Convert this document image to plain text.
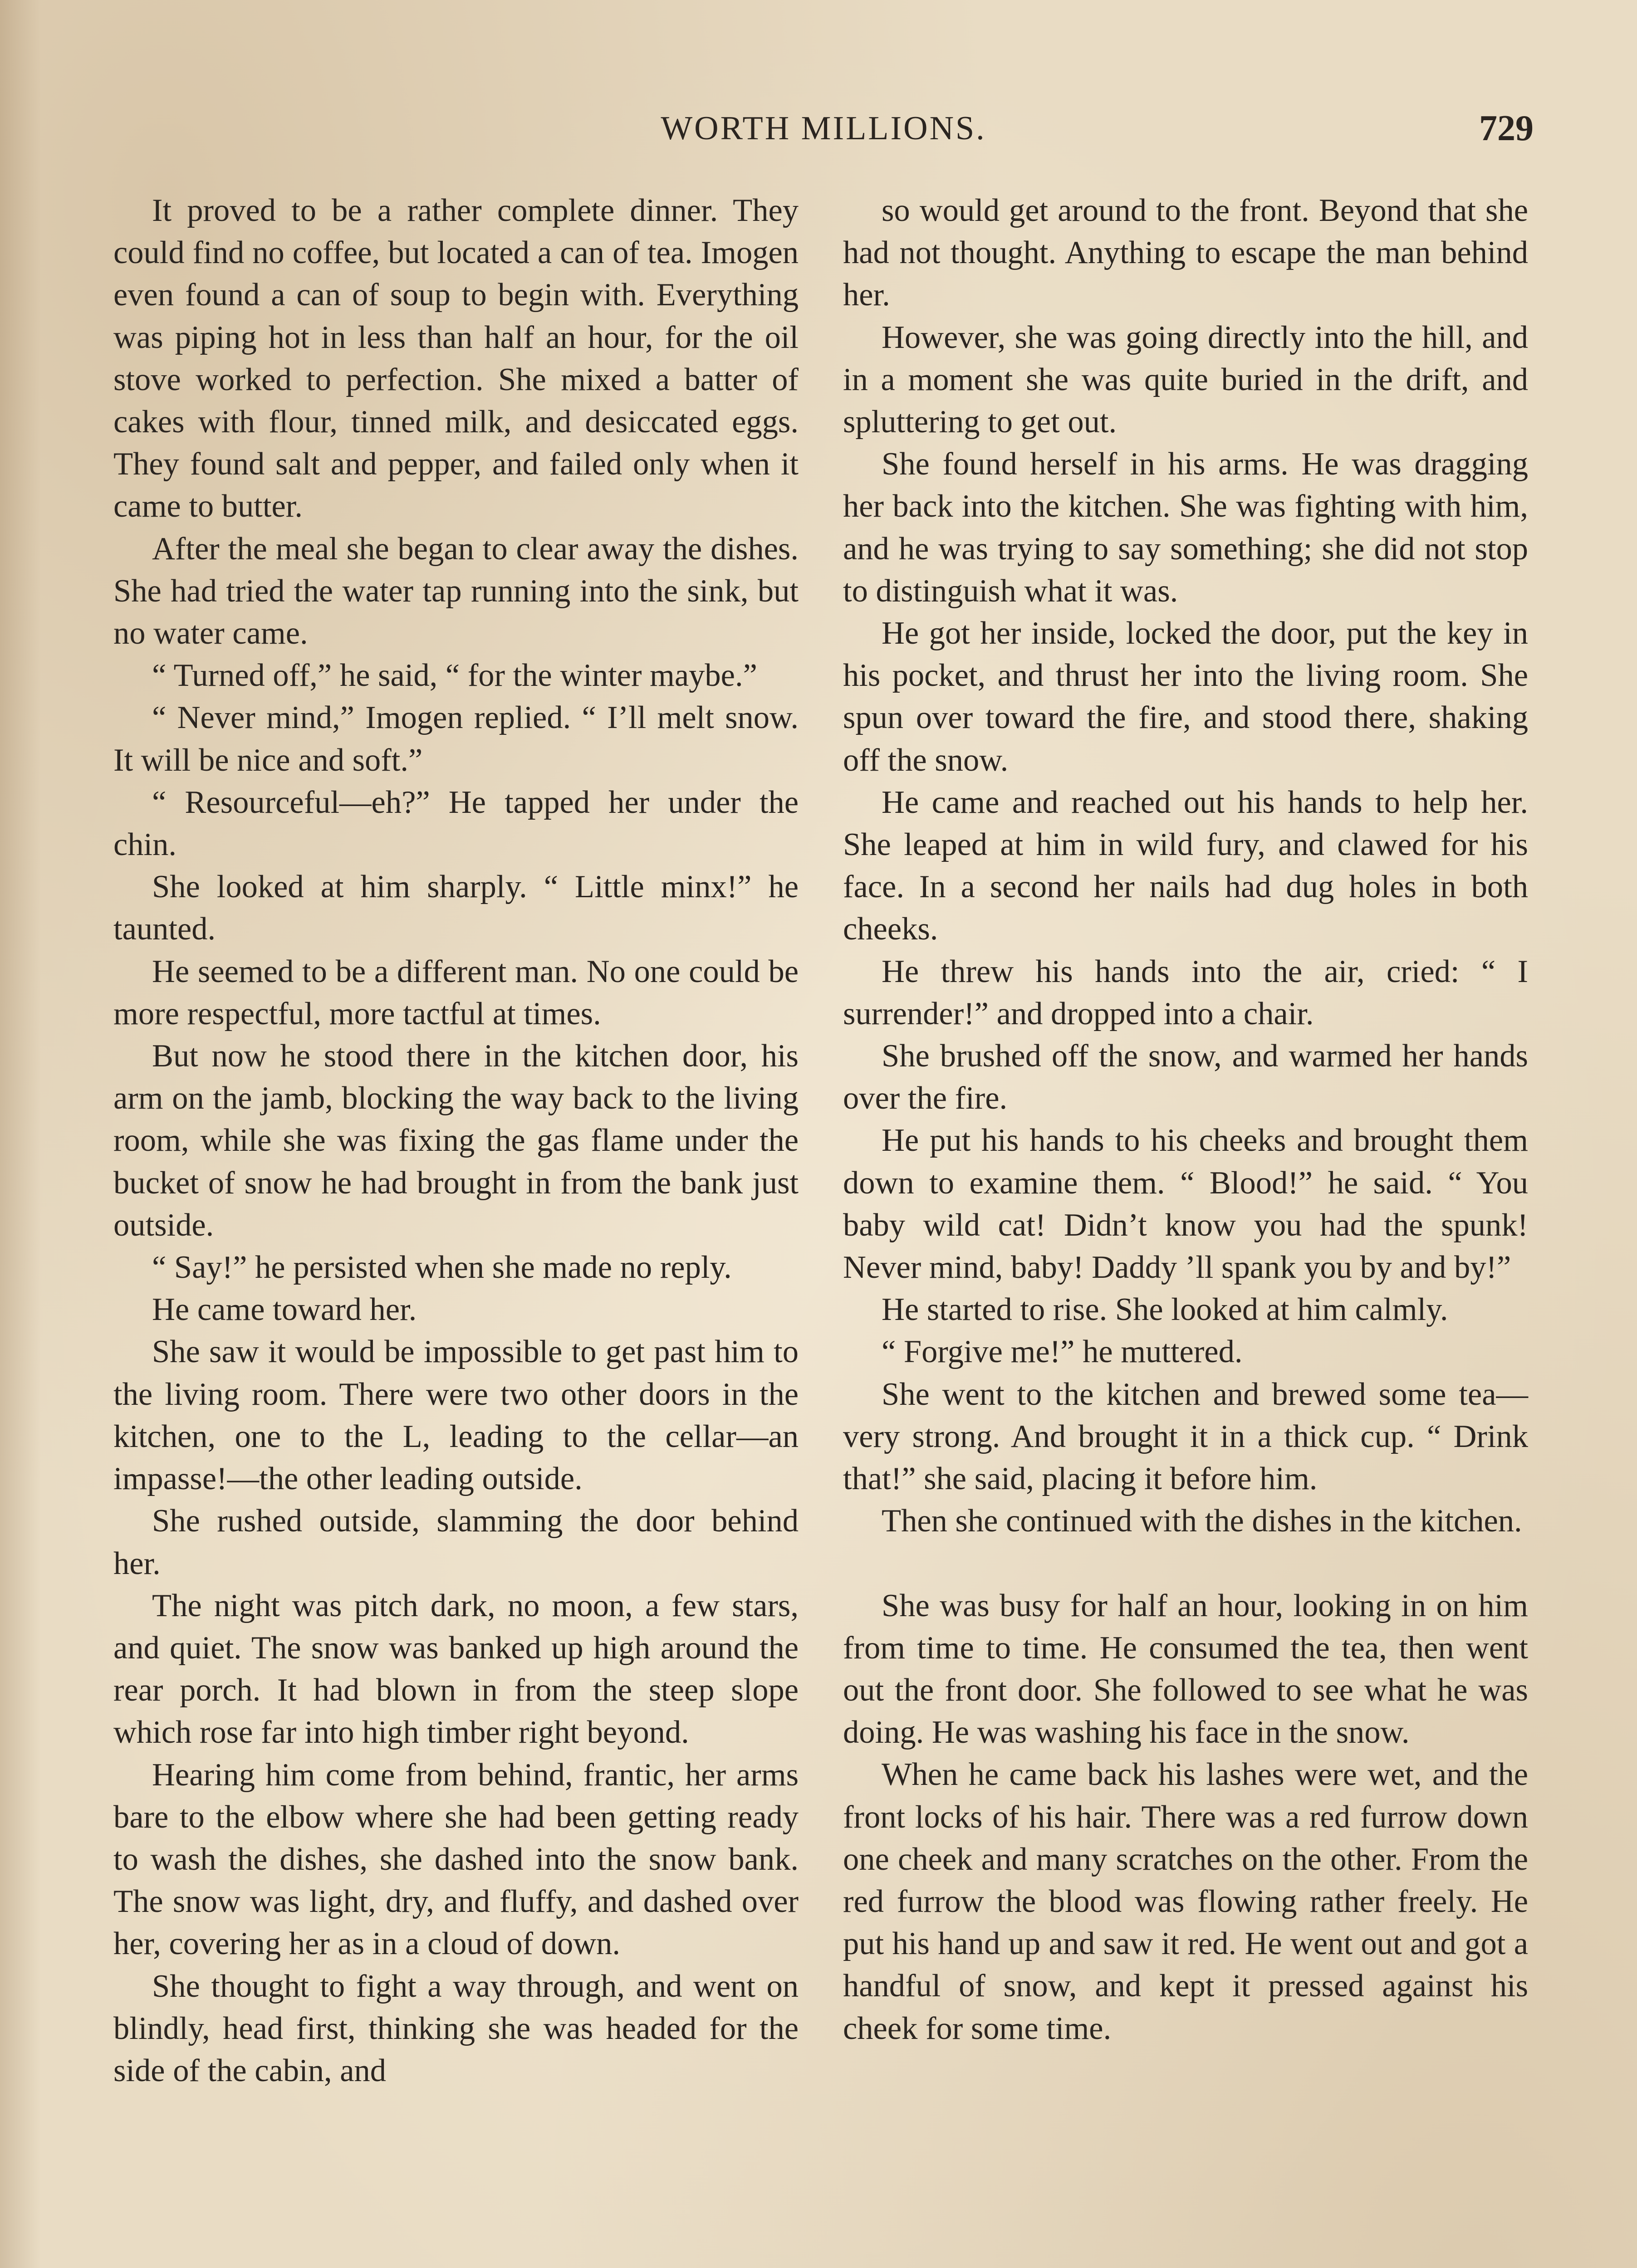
WORTH MILLIONS.	729

It proved to be a rather complete dinner. They could find no coffee, but located a can of tea. Imogen even found a can of soup to begin with. Everything was piping hot in less than half an hour, for the oil stove worked to perfection. She mixed a batter of cakes with flour, tinned milk, and desiccated eggs. They found salt and pepper, and failed only when it came to butter.

After the meal she began to clear away the dishes. She had tried the water tap running into the sink, but no water came.

“ Turned off,” he said, “ for the winter maybe.”

“ Never mind,” Imogen replied. “ I’ll melt snow. It will be nice and soft.”

“ Resourceful—eh?” He tapped her under the chin.

She looked at him sharply. “ Little minx!” he taunted.

He seemed to be a different man. No one could be more respectful, more tactful at times.

But now he stood there in the kitchen door, his arm on the jamb, blocking the way back to the living room, while she was fixing the gas flame under the bucket of snow he had brought in from the bank just outside.

“ Say!” he persisted when she made no reply.

He came toward her.

She saw it would be impossible to get past him to the living room. There were two other doors in the kitchen, one to the L, leading to the cellar—an impasse!—the other leading outside.

She rushed outside, slamming the door behind her.

The night was pitch dark, no moon, a few stars, and quiet. The snow was banked up high around the rear porch. It had blown in from the steep slope which rose far into high timber right beyond.

Hearing him come from behind, frantic, her arms bare to the elbow where she had been getting ready to wash the dishes, she dashed into the snow bank. The snow was light, dry, and fluffy, and dashed over her, covering her as in a cloud of down.

She thought to fight a way through, and went on blindly, head first, thinking she was headed for the side of the cabin, and

so would get around to the front. Beyond that she had not thought. Anything to escape the man behind her.

However, she was going directly into the hill, and in a moment she was quite buried in the drift, and spluttering to get out.

She found herself in his arms. He was dragging her back into the kitchen. She was fighting with him, and he was trying to say something; she did not stop to distinguish what it was.

He got her inside, locked the door, put the key in his pocket, and thrust her into the living room. She spun over toward the fire, and stood there, shaking off the snow.

He came and reached out his hands to help her. She leaped at him in wild fury, and clawed for his face. In a second her nails had dug holes in both cheeks.

He threw his hands into the air, cried: “ I surrender!” and dropped into a chair.

She brushed off the snow, and warmed her hands over the fire.

He put his hands to his cheeks and brought them down to examine them. “ Blood!” he said. “ You baby wild cat! Didn’t know you had the spunk! Never mind, baby! Daddy ’ll spank you by and by!”

He started to rise. She looked at him calmly.

“ Forgive me!” he muttered.

She went to the kitchen and brewed some tea—very strong. And brought it in a thick cup. “ Drink that!” she said, placing it before him.

Then she continued with the dishes in the kitchen.

She was busy for half an hour, looking in on him from time to time. He consumed the tea, then went out the front door. She followed to see what he was doing. He was washing his face in the snow.

When he came back his lashes were wet, and the front locks of his hair. There was a red furrow down one cheek and many scratches on the other. From the red furrow the blood was flowing rather freely. He put his hand up and saw it red. He went out and got a handful of snow, and kept it pressed against his cheek for some time.
